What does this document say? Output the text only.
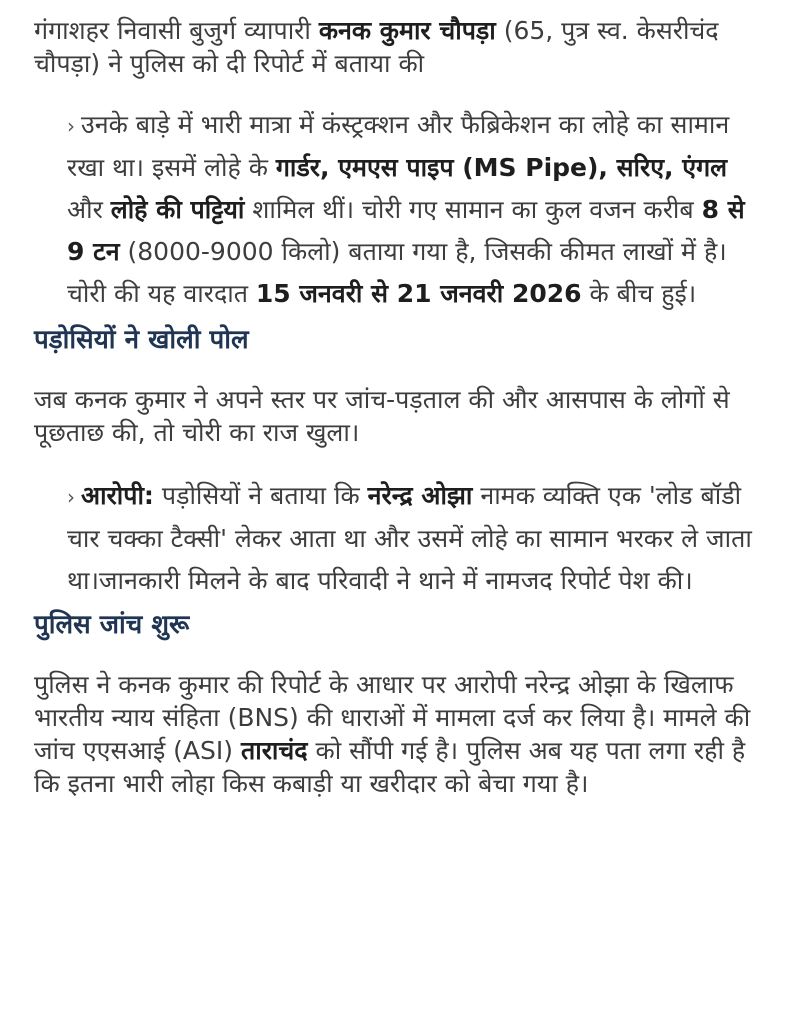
गंगाशहर निवासी बुजुर्ग व्यापारी कनक कुमार चौपड़ा (65, पुत्र स्व. केसरीचंद चौपड़ा) ने पुलिस को दी रिपोर्ट में बताया की

› उनके बाड़े में भारी मात्रा में कंस्ट्रक्शन और फैब्रिकेशन का लोहे का सामान रखा था। इसमें लोहे के गार्डर, एमएस पाइप (MS Pipe), सरिए, एंगल और लोहे की पट्टियां शामिल थीं। चोरी गए सामान का कुल वजन करीब 8 से 9 टन (8000-9000 किलो) बताया गया है, जिसकी कीमत लाखों में है।चोरी की यह वारदात 15 जनवरी से 21 जनवरी 2026 के बीच हुई।

पड़ोसियों ने खोली पोल

जब कनक कुमार ने अपने स्तर पर जांच-पड़ताल की और आसपास के लोगों से पूछताछ की, तो चोरी का राज खुला।

› आरोपी: पड़ोसियों ने बताया कि नरेन्द्र ओझा नामक व्यक्ति एक 'लोड बॉडी चार चक्का टैक्सी' लेकर आता था और उसमें लोहे का सामान भरकर ले जाता था।जानकारी मिलने के बाद परिवादी ने थाने में नामजद रिपोर्ट पेश की।

पुलिस जांच शुरू

पुलिस ने कनक कुमार की रिपोर्ट के आधार पर आरोपी नरेन्द्र ओझा के खिलाफ भारतीय न्याय संहिता (BNS) की धाराओं में मामला दर्ज कर लिया है। मामले की जांच एएसआई (ASI) ताराचंद को सौंपी गई है। पुलिस अब यह पता लगा रही है कि इतना भारी लोहा किस कबाड़ी या खरीदार को बेचा गया है।
